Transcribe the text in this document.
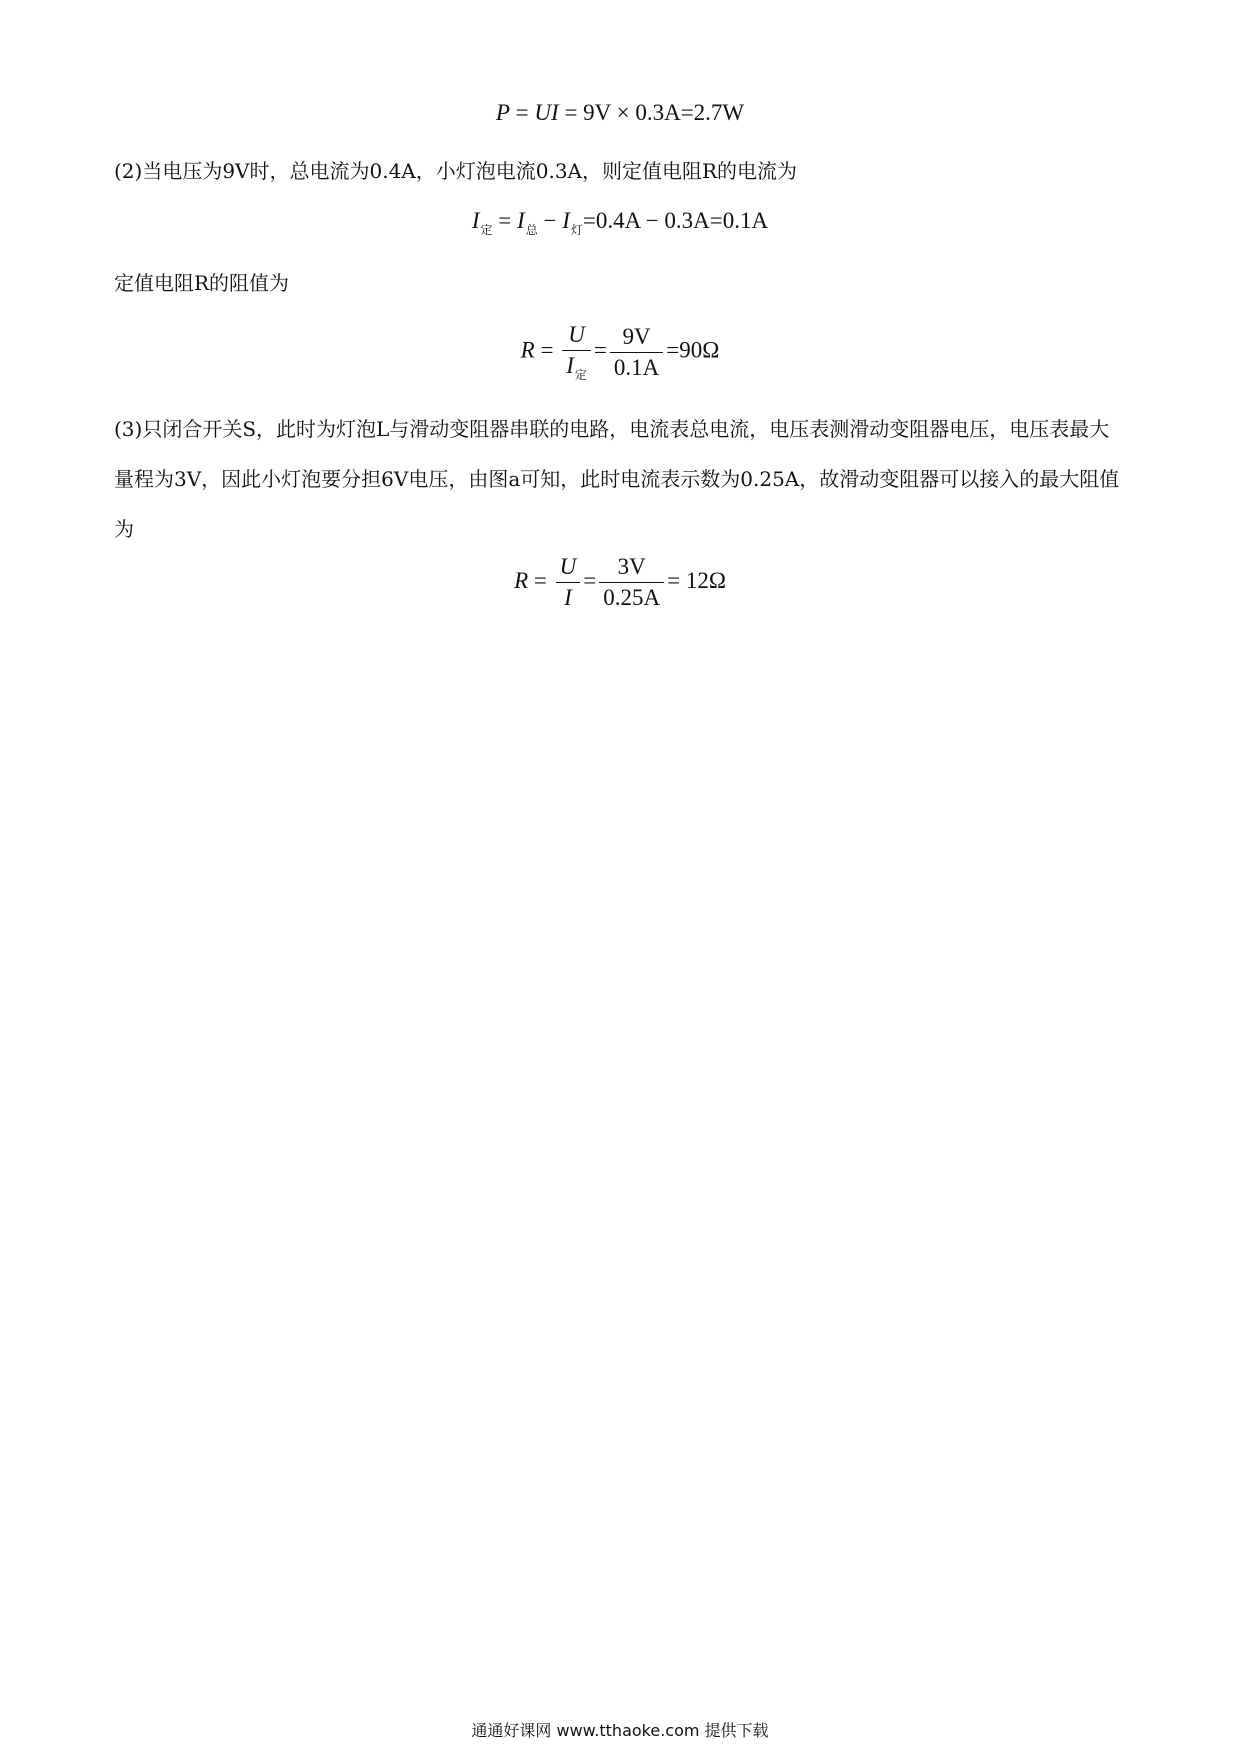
P = UI = 9V × 0.3A=2.7W
(2)当电压为9V时，总电流为0.4A，小灯泡电流0.3A，则定值电阻R的电流为
$I_定 = I_总 - I_灯=0.4A - 0.3A=0.1A$
定值电阻R的阻值为
$R = \frac{U}{I_定} = \frac{9V}{0.1A} =90\Omega$
(3)只闭合开关S，此时为灯泡L与滑动变阻器串联的电路，电流表总电流，电压表测滑动变阻器电压，电压表最大量程为3V，因此小灯泡要分担6V电压，由图a可知，此时电流表示数为0.25A，故滑动变阻器可以接入的最大阻值为
$R = \frac{U}{I} = \frac{3V}{0.25A} = 12\Omega$
通通好课网 www.tthaoke.com 提供下载
